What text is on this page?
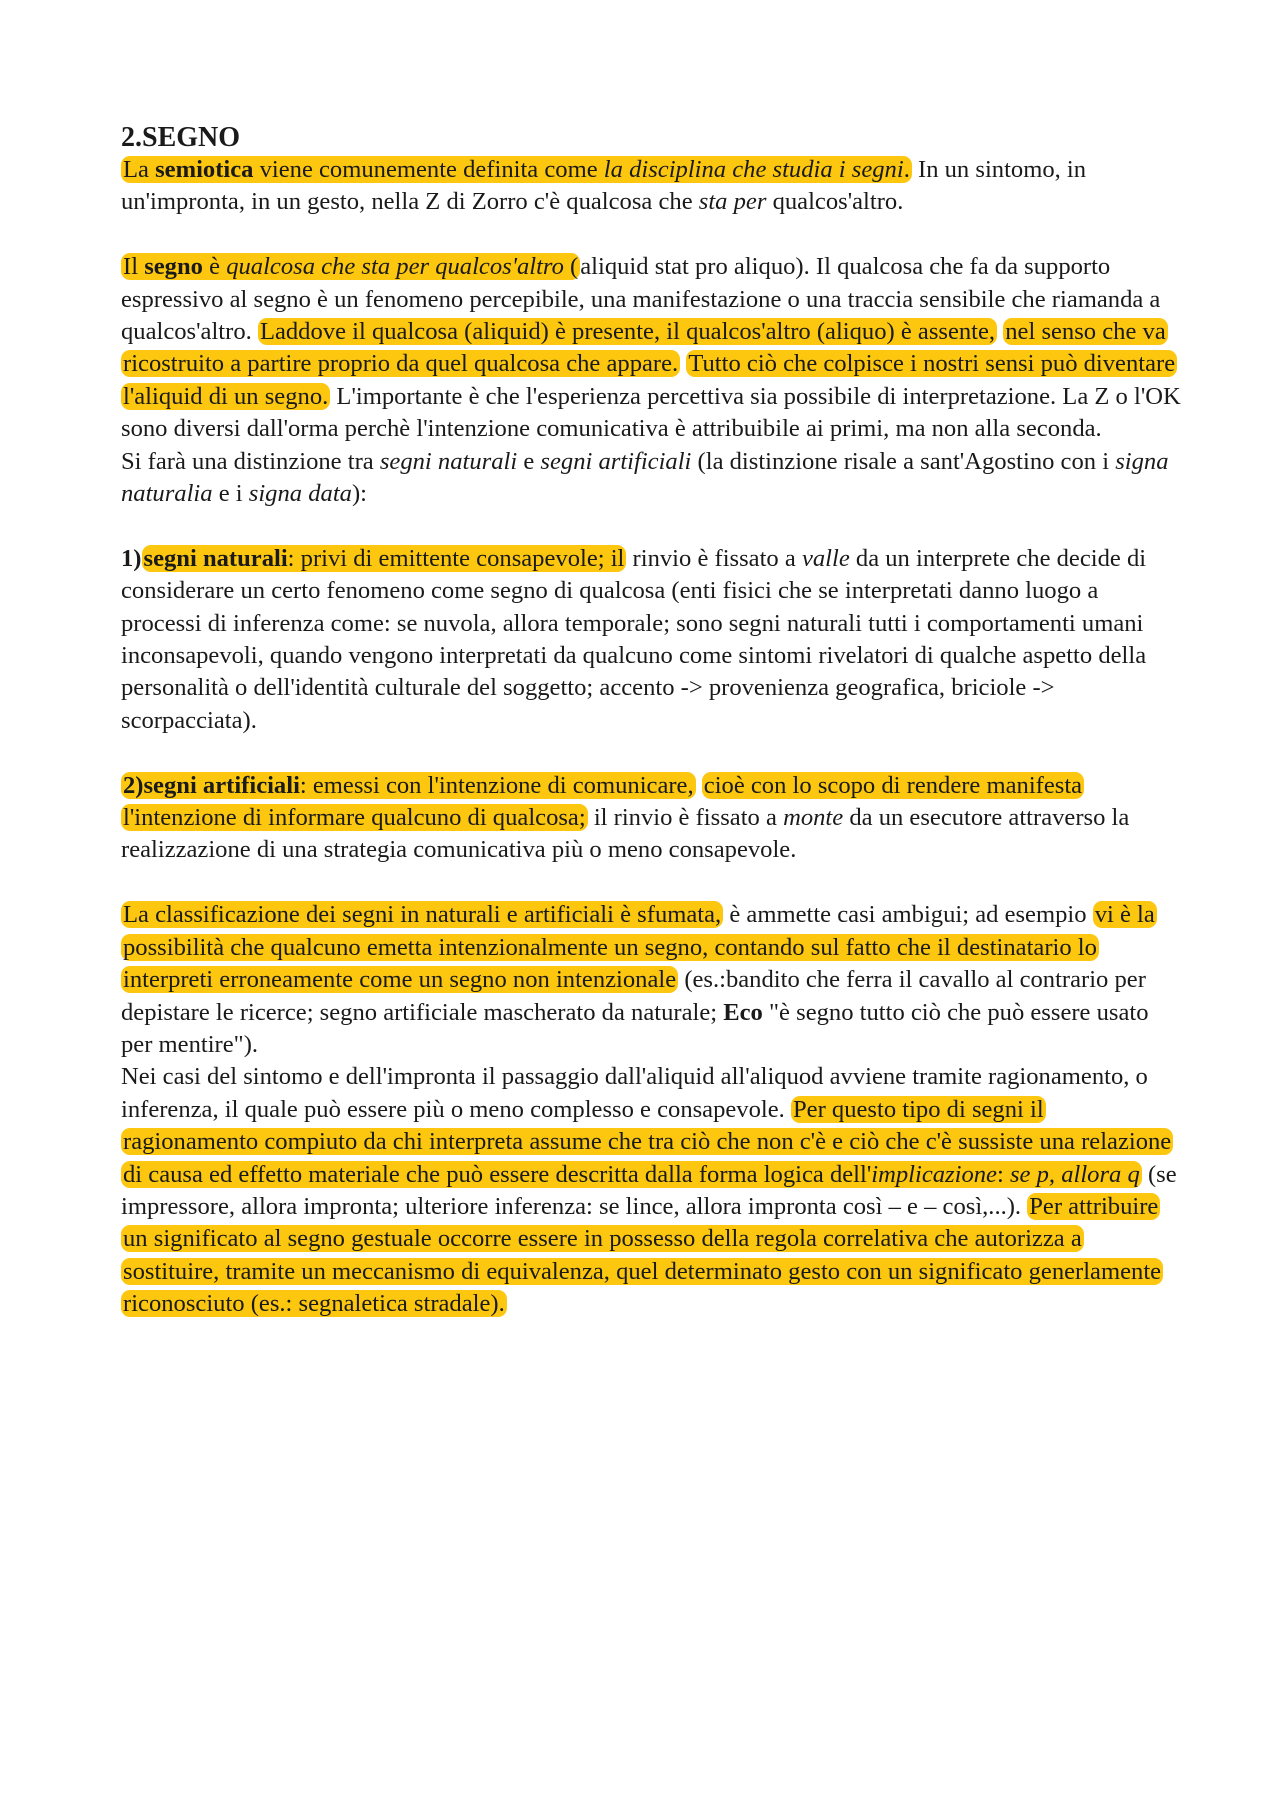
2.SEGNO

La semiotica viene comunemente definita come la disciplina che studia i segni. In un sintomo, in un'impronta, in un gesto, nella Z di Zorro c'è qualcosa che sta per qualcos'altro.

Il segno è qualcosa che sta per qualcos'altro (aliquid stat pro aliquo). Il qualcosa che fa da supporto espressivo al segno è un fenomeno percepibile, una manifestazione o una traccia sensibile che riamanda a qualcos'altro. Laddove il qualcosa (aliquid) è presente, il qualcos'altro (aliquo) è assente, nel senso che va ricostruito a partire proprio da quel qualcosa che appare. Tutto ciò che colpisce i nostri sensi può diventare l'aliquid di un segno. L'importante è che l'esperienza percettiva sia possibile di interpretazione. La Z o l'OK sono diversi dall'orma perchè l'intenzione comunicativa è attribuibile ai primi, ma non alla seconda.

Si farà una distinzione tra segni naturali e segni artificiali (la distinzione risale a sant'Agostino con i signa naturalia e i signa data):

1)segni naturali: privi di emittente consapevole; il rinvio è fissato a valle da un interprete che decide di considerare un certo fenomeno come segno di qualcosa (enti fisici che se interpretati danno luogo a processi di inferenza come: se nuvola, allora temporale; sono segni naturali tutti i comportamenti umani inconsapevoli, quando vengono interpretati da qualcuno come sintomi rivelatori di qualche aspetto della personalità o dell'identità culturale del soggetto; accento -> provenienza geografica, briciole -> scorpacciata).

2)segni artificiali: emessi con l'intenzione di comunicare, cioè con lo scopo di rendere manifesta l'intenzione di informare qualcuno di qualcosa; il rinvio è fissato a monte da un esecutore attraverso la realizzazione di una strategia comunicativa più o meno consapevole.

La classificazione dei segni in naturali e artificiali è sfumata, è ammette casi ambigui; ad esempio vi è la possibilità che qualcuno emetta intenzionalmente un segno, contando sul fatto che il destinatario lo interpreti erroneamente come un segno non intenzionale (es.:bandito che ferra il cavallo al contrario per depistare le ricerce; segno artificiale mascherato da naturale; Eco "è segno tutto ciò che può essere usato per mentire").
Nei casi del sintomo e dell'impronta il passaggio dall'aliquid all'aliquod avviene tramite ragionamento, o inferenza, il quale può essere più o meno complesso e consapevole. Per questo tipo di segni il ragionamento compiuto da chi interpreta assume che tra ciò che non c'è e ciò che c'è sussiste una relazione di causa ed effetto materiale che può essere descritta dalla forma logica dell'implicazione: se p, allora q (se impressore, allora impronta; ulteriore inferenza: se lince, allora impronta così – e – così,...). Per attribuire un significato al segno gestuale occorre essere in possesso della regola correlativa che autorizza a sostituire, tramite un meccanismo di equivalenza, quel determinato gesto con un significato generlamente riconosciuto (es.: segnaletica stradale).
